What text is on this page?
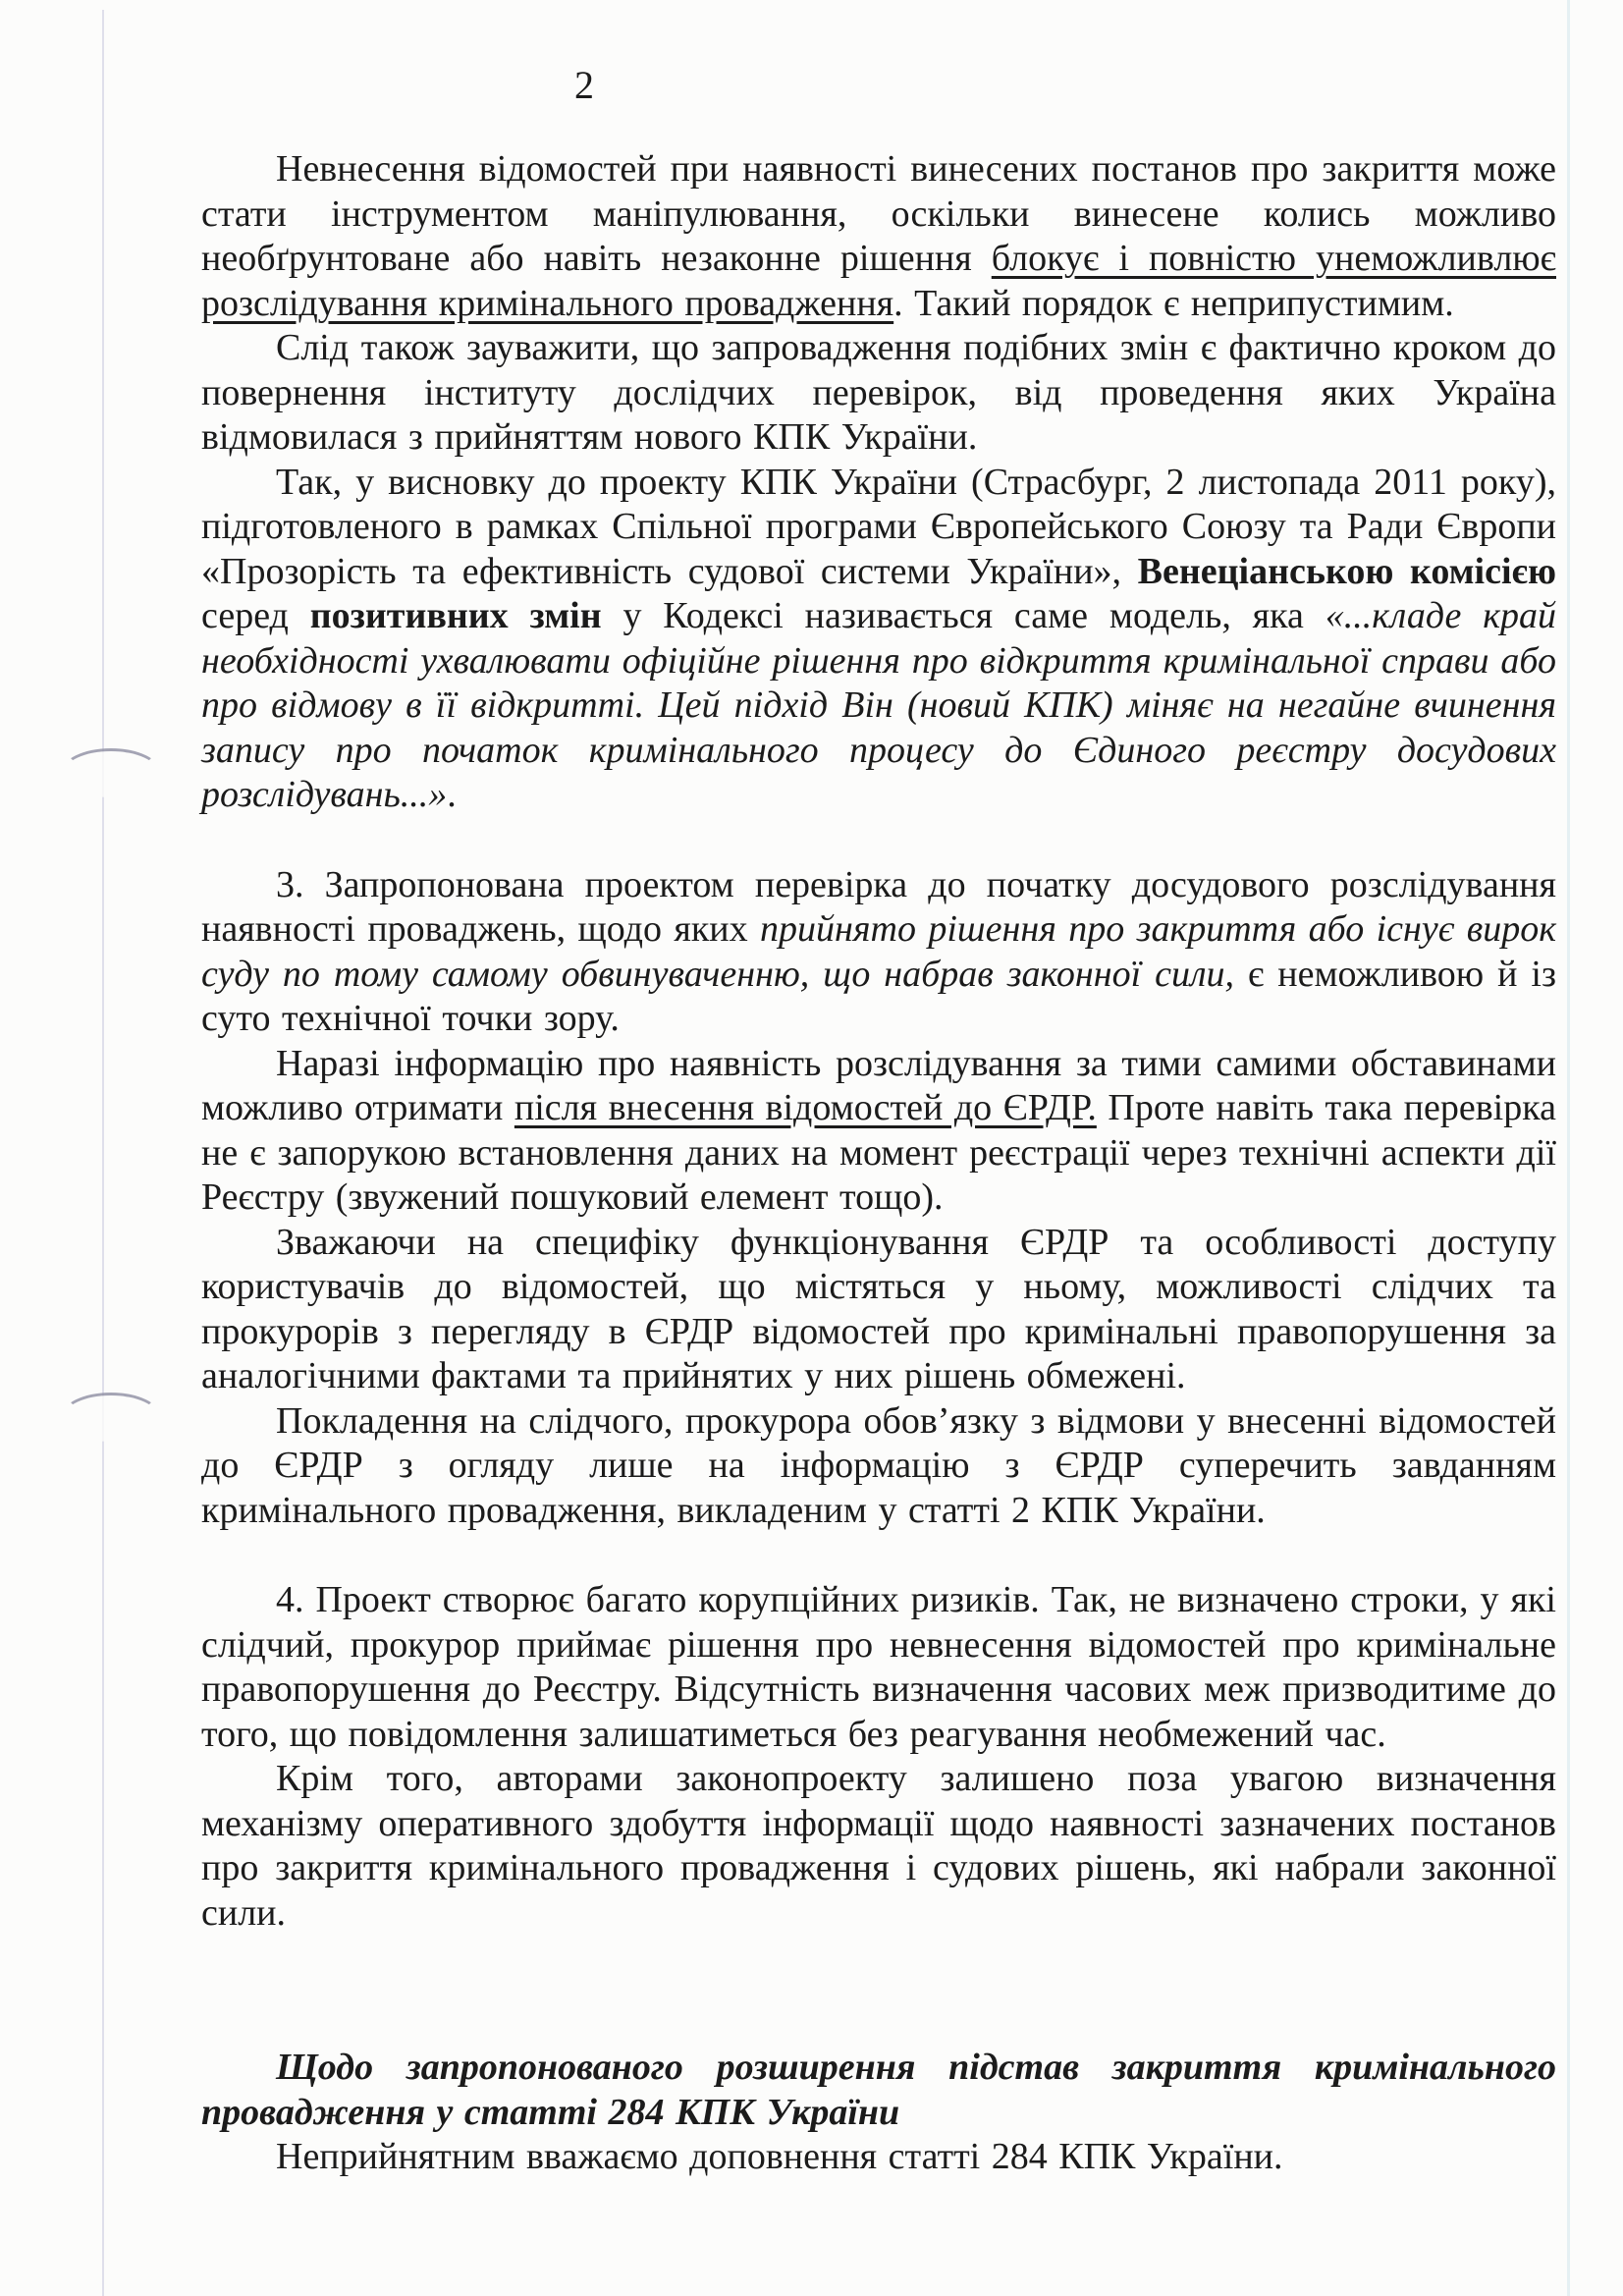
2

Невнесення відомостей при наявності винесених постанов про закриття може стати інструментом маніпулювання, оскільки винесене колись можливо необґрунтоване або навіть незаконне рішення блокує і повністю унеможливлює розслідування кримінального провадження. Такий порядок є неприпустимим.

Слід також зауважити, що запровадження подібних змін є фактично кроком до повернення інституту дослідчих перевірок, від проведення яких Україна відмовилася з прийняттям нового КПК України.

Так, у висновку до проекту КПК України (Страсбург, 2 листопада 2011 року), підготовленого в рамках Спільної програми Європейського Союзу та Ради Європи «Прозорість та ефективність судової системи України», Венеціанською комісією серед позитивних змін у Кодексі називається саме модель, яка «...кладе край необхідності ухвалювати офіційне рішення про відкриття кримінальної справи або про відмову в її відкритті. Цей підхід Він (новий КПК) міняє на негайне вчинення запису про початок кримінального процесу до Єдиного реєстру досудових розслідувань...».

3. Запропонована проектом перевірка до початку досудового розслідування наявності проваджень, щодо яких прийнято рішення про закриття або існує вирок суду по тому самому обвинуваченню, що набрав законної сили, є неможливою й із суто технічної точки зору.

Наразі інформацію про наявність розслідування за тими самими обставинами можливо отримати після внесення відомостей до ЄРДР. Проте навіть така перевірка не є запорукою встановлення даних на момент реєстрації через технічні аспекти дії Реєстру (звужений пошуковий елемент тощо).

Зважаючи на специфіку функціонування ЄРДР та особливості доступу користувачів до відомостей, що містяться у ньому, можливості слідчих та прокурорів з перегляду в ЄРДР відомостей про кримінальні правопорушення за аналогічними фактами та прийнятих у них рішень обмежені.

Покладення на слідчого, прокурора обов’язку з відмови у внесенні відомостей до ЄРДР з огляду лише на інформацію з ЄРДР суперечить завданням кримінального провадження, викладеним у статті 2 КПК України.

4. Проект створює багато корупційних ризиків. Так, не визначено строки, у які слідчий, прокурор приймає рішення про невнесення відомостей про кримінальне правопорушення до Реєстру. Відсутність визначення часових меж призводитиме до того, що повідомлення залишатиметься без реагування необмежений час.

Крім того, авторами законопроекту залишено поза увагою визначення механізму оперативного здобуття інформації щодо наявності зазначених постанов про закриття кримінального провадження і судових рішень, які набрали законної сили.

Щодо запропонованого розширення підстав закриття кримінального провадження у статті 284 КПК України

Неприйнятним вважаємо доповнення статті 284 КПК України.
